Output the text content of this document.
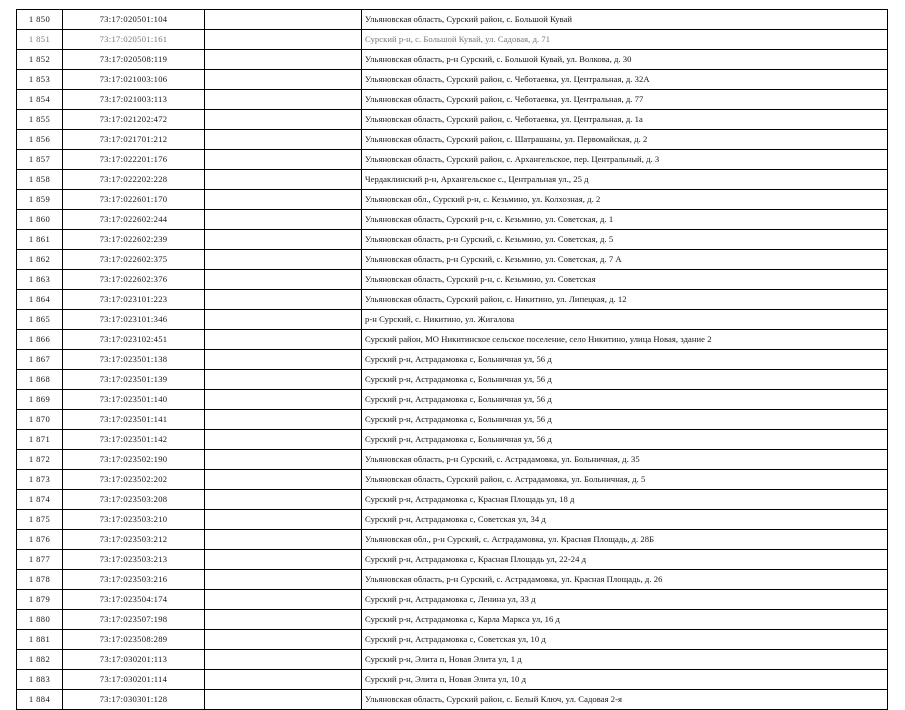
1 850	73:17:020501:104		Ульяновская область, Сурский район, с. Большой Кувай
1 851	73:17:020501:161		Сурский р-н, с. Большой Кувай, ул. Садовая, д. 71
1 852	73:17:020508:119		Ульяновская область, р-н Сурский, с. Большой Кувай, ул. Волкова, д. 30
1 853	73:17:021003:106		Ульяновская область, Сурский район, с. Чеботаевка, ул. Центральная, д. 32А
1 854	73:17:021003:113		Ульяновская область, Сурский район, с. Чеботаевка, ул. Центральная, д. 77
1 855	73:17:021202:472		Ульяновская область, Сурский район, с. Чеботаевка, ул. Центральная, д. 1а
1 856	73:17:021701:212		Ульяновская область, Сурский район, с. Шатрашаны, ул. Первомайская, д. 2
1 857	73:17:022201:176		Ульяновская область, Сурский район, с. Архангельское, пер. Центральный, д. 3
1 858	73:17:022202:228		Чердаклинский р-н, Архангельское с., Центральная ул., 25 д
1 859	73:17:022601:170		Ульяновская обл., Сурский р-н, с. Кезьмино, ул. Колхозная, д. 2
1 860	73:17:022602:244		Ульяновская область, Сурский р-н, с. Кезьмино, ул. Советская, д. 1
1 861	73:17:022602:239		Ульяновская область, р-н Сурский, с. Кезьмино, ул. Советская, д. 5
1 862	73:17:022602:375		Ульяновская область, р-н Сурский, с. Кезьмино, ул. Советская, д. 7 А
1 863	73:17:022602:376		Ульяновская область, Сурский р-н, с. Кезьмино, ул. Советская
1 864	73:17:023101:223		Ульяновская область, Сурский район, с. Никитино, ул. Липецкая, д. 12
1 865	73:17:023101:346		р-н Сурский, с. Никитино, ул. Жигалова
1 866	73:17:023102:451		Сурский район, МО Никитинское сельское поселение, село Никитино, улица Новая, здание 2
1 867	73:17:023501:138		Сурский р-н, Астрадамовка с, Больничная ул, 56 д
1 868	73:17:023501:139		Сурский р-н, Астрадамовка с, Больничная ул, 56 д
1 869	73:17:023501:140		Сурский р-н, Астрадамовка с, Больничная ул, 56 д
1 870	73:17:023501:141		Сурский р-н, Астрадамовка с, Больничная ул, 56 д
1 871	73:17:023501:142		Сурский р-н, Астрадамовка с, Больничная ул, 56 д
1 872	73:17:023502:190		Ульяновская область, р-н Сурский, с. Астрадамовка, ул. Больничная, д. 35
1 873	73:17:023502:202		Ульяновская область, Сурский район, с. Астрадамовка, ул. Больничная, д. 5
1 874	73:17:023503:208		Сурский р-н, Астрадамовка с, Красная Площадь ул, 18 д
1 875	73:17:023503:210		Сурский р-н, Астрадамовка с, Советская ул, 34 д
1 876	73:17:023503:212		Ульяновская обл., р-н Сурский, с. Астрадамовка, ул. Красная Площадь, д. 28Б
1 877	73:17:023503:213		Сурский р-н, Астрадамовка с, Красная Площадь ул, 22-24 д
1 878	73:17:023503:216		Ульяновская область, р-н Сурский, с. Астрадамовка, ул. Красная Площадь, д. 26
1 879	73:17:023504:174		Сурский р-н, Астрадамовка с, Ленина ул, 33 д
1 880	73:17:023507:198		Сурский р-н, Астрадамовка с, Карла Маркса ул, 16 д
1 881	73:17:023508:289		Сурский р-н, Астрадамовка с, Советская ул, 10 д
1 882	73:17:030201:113		Сурский р-н, Элита п, Новая Элита ул, 1 д
1 883	73:17:030201:114		Сурский р-н, Элита п, Новая Элита ул, 10 д
1 884	73:17:030301:128		Ульяновская область, Сурский район, с. Белый Ключ, ул. Садовая 2-я
